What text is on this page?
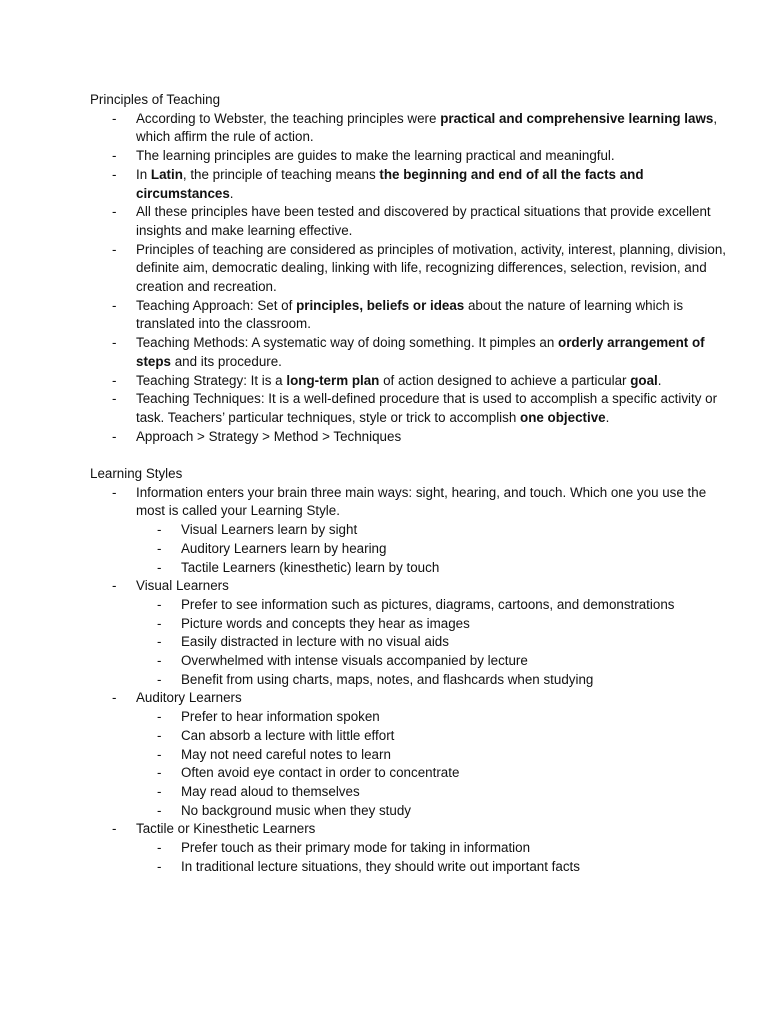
Principles of Teaching

- According to Webster, the teaching principles were practical and comprehensive learning laws, which affirm the rule of action.
- The learning principles are guides to make the learning practical and meaningful.
- In Latin, the principle of teaching means the beginning and end of all the facts and circumstances.
- All these principles have been tested and discovered by practical situations that provide excellent insights and make learning effective.
- Principles of teaching are considered as principles of motivation, activity, interest, planning, division, definite aim, democratic dealing, linking with life, recognizing differences, selection, revision, and creation and recreation.
- Teaching Approach: Set of principles, beliefs or ideas about the nature of learning which is translated into the classroom.
- Teaching Methods: A systematic way of doing something. It pimples an orderly arrangement of steps and its procedure.
- Teaching Strategy: It is a long-term plan of action designed to achieve a particular goal.
- Teaching Techniques: It is a well-defined procedure that is used to accomplish a specific activity or task. Teachers’ particular techniques, style or trick to accomplish one objective.
- Approach > Strategy > Method > Techniques

Learning Styles

- Information enters your brain three main ways: sight, hearing, and touch. Which one you use the most is called your Learning Style.
- Visual Learners learn by sight
- Auditory Learners learn by hearing
- Tactile Learners (kinesthetic) learn by touch
- Visual Learners
- Prefer to see information such as pictures, diagrams, cartoons, and demonstrations
- Picture words and concepts they hear as images
- Easily distracted in lecture with no visual aids
- Overwhelmed with intense visuals accompanied by lecture
- Benefit from using charts, maps, notes, and flashcards when studying
- Auditory Learners
- Prefer to hear information spoken
- Can absorb a lecture with little effort
- May not need careful notes to learn
- Often avoid eye contact in order to concentrate
- May read aloud to themselves
- No background music when they study
- Tactile or Kinesthetic Learners
- Prefer touch as their primary mode for taking in information
- In traditional lecture situations, they should write out important facts
